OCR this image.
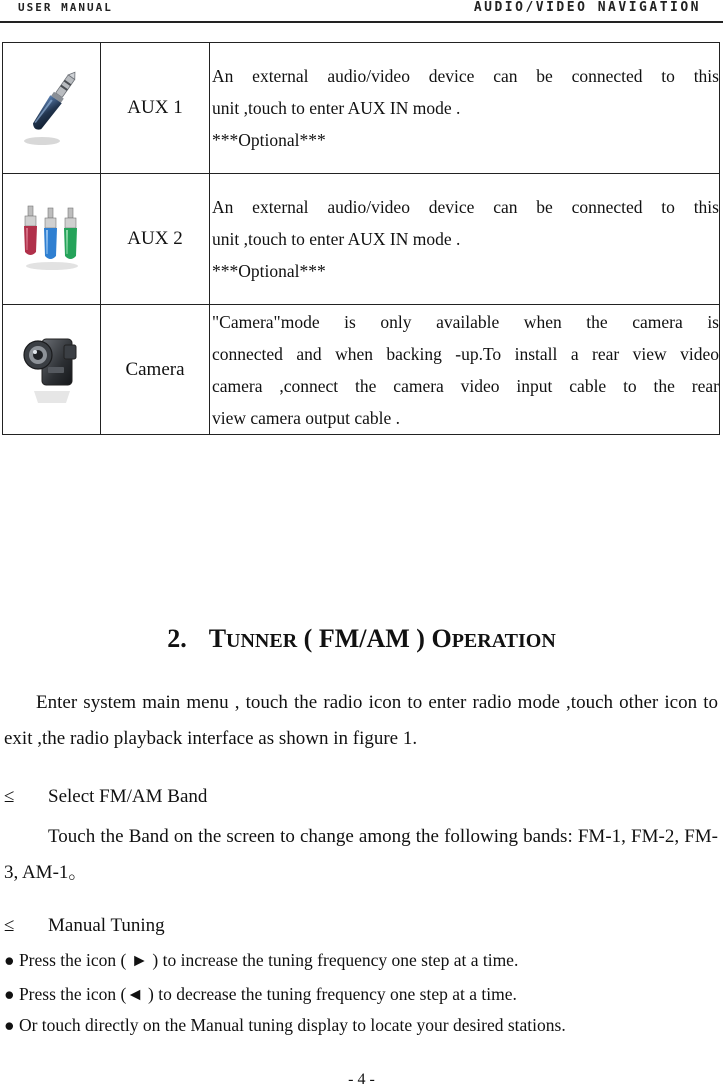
USER MANUAL	AUDIO/VIDEO NAVIGATION
	AUX 1	An external audio/video device can be connected to this
unit ,touch to enter AUX IN mode .
***Optional***

	AUX 2	An external audio/video device can be connected to this
unit ,touch to enter AUX IN mode .
***Optional***

	Camera	"Camera"mode is only available when the camera is
connected and when backing -up.To install a rear view video
camera ,connect the camera video input cable to the rear
view camera output cable .
2. TUNNER ( FM/AM ) OPERATION
Enter system main menu , touch the radio icon to enter radio mode ,touch other icon to exit ,the radio playback interface as shown in figure 1.
≤ Select FM/AM Band
Touch the Band on the screen to change among the following bands: FM-1, FM-2, FM-3, AM-1。
≤ Manual Tuning
● Press the icon ( ► ) to increase the tuning frequency one step at a time.
● Press the icon (◄ ) to decrease the tuning frequency one step at a time.
● Or touch directly on the Manual tuning display to locate your desired stations.
- 4 -
